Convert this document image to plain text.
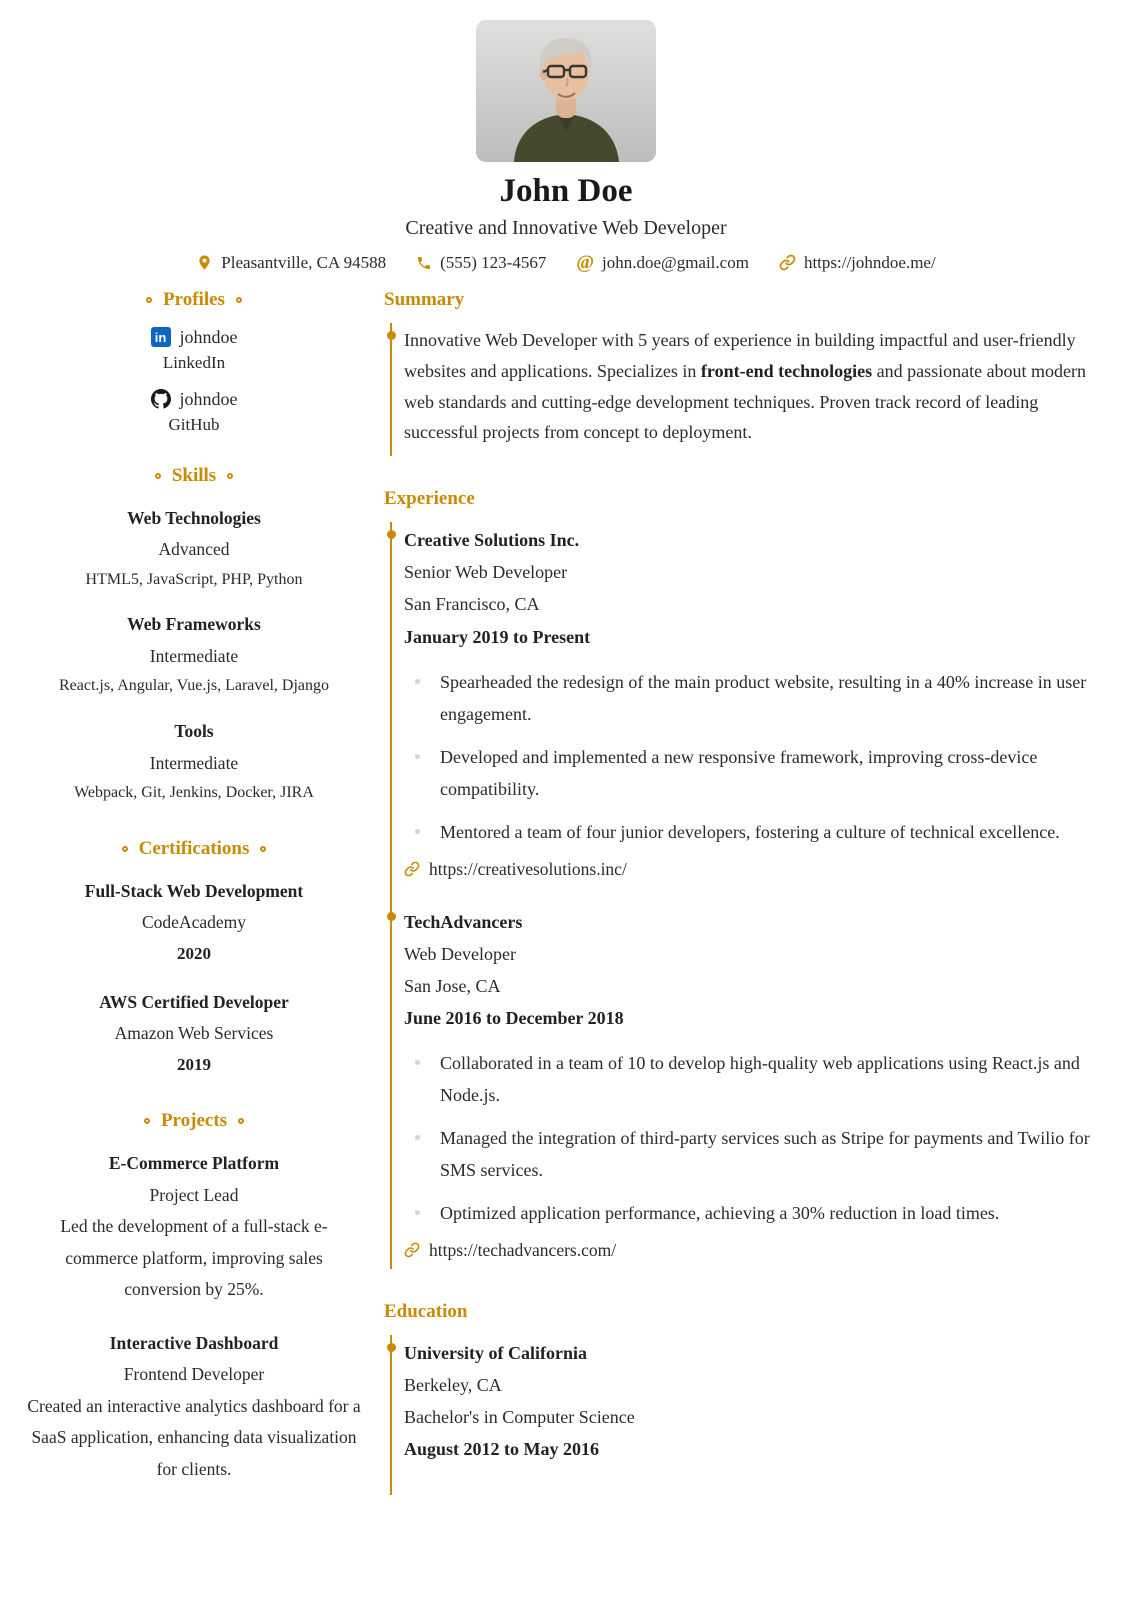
John Doe

Creative and Innovative Web Developer

Pleasantville, CA 94588	(555) 123-4567 @ john.doe@gmail.com	https://johndoe.me/
Profiles
in johndoe
LinkedIn
johndoe
GitHub
Skills
Web Technologies
Advanced
HTML5, JavaScript, PHP, Python
Web Frameworks
Intermediate
React.js, Angular, Vue.js, Laravel, Django
Tools
Intermediate
Webpack, Git, Jenkins, Docker, JIRA
Certifications
Full-Stack Web Development
CodeAcademy
2020
AWS Certified Developer
Amazon Web Services
2019
Projects
E-Commerce Platform
Project Lead
Led the development of a full-stack e-commerce platform, improving sales conversion by 25%.
Interactive Dashboard
Frontend Developer
Created an interactive analytics dashboard for a SaaS application, enhancing data visualization for clients.
Summary

Innovative Web Developer with 5 years of experience in building impactful and user-friendly websites and applications. Specializes in front-end technologies and passionate about modern web standards and cutting-edge development techniques. Proven track record of leading successful projects from concept to deployment.

Experience
Creative Solutions Inc.
Senior Web Developer
San Francisco, CA
January 2019 to Present
Spearheaded the redesign of the main product website, resulting in a 40% increase in user engagement.
Developed and implemented a new responsive framework, improving cross-device compatibility.
Mentored a team of four junior developers, fostering a culture of technical excellence.
https://creativesolutions.inc/
TechAdvancers
Web Developer
San Jose, CA
June 2016 to December 2018
Collaborated in a team of 10 to develop high-quality web applications using React.js and Node.js.
Managed the integration of third-party services such as Stripe for payments and Twilio for SMS services.
Optimized application performance, achieving a 30% reduction in load times.
https://techadvancers.com/
Education
University of California
Berkeley, CA
Bachelor's in Computer Science
August 2012 to May 2016
